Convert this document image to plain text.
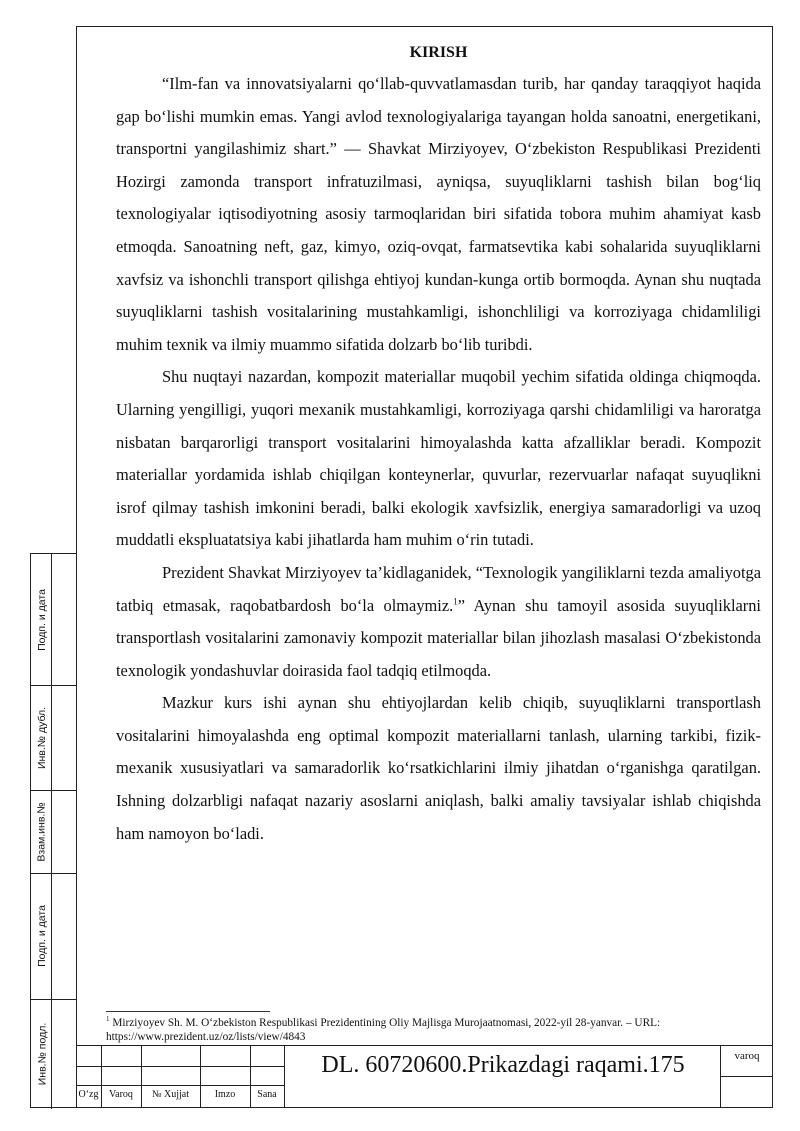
KIRISH

“Ilm-fan va innovatsiyalarni qo‘llab-quvvatlamasdan turib, har qanday taraqqiyot haqida gap bo‘lishi mumkin emas. Yangi avlod texnologiyalariga tayangan holda sanoatni, energetikani, transportni yangilashimiz shart.” — Shavkat Mirziyoyev, O‘zbekiston Respublikasi Prezidenti Hozirgi zamonda transport infratuzilmasi, ayniqsa, suyuqliklarni tashish bilan bog‘liq texnologiyalar iqtisodiyotning asosiy tarmoqlaridan biri sifatida tobora muhim ahamiyat kasb etmoqda. Sanoatning neft, gaz, kimyo, oziq-ovqat, farmatsevtika kabi sohalarida suyuqliklarni xavfsiz va ishonchli transport qilishga ehtiyoj kundan-kunga ortib bormoqda. Aynan shu nuqtada suyuqliklarni tashish vositalarining mustahkamligi, ishonchliligi va korroziyaga chidamliligi muhim texnik va ilmiy muammo sifatida dolzarb bo‘lib turibdi.

Shu nuqtayi nazardan, kompozit materiallar muqobil yechim sifatida oldinga chiqmoqda. Ularning yengilligi, yuqori mexanik mustahkamligi, korroziyaga qarshi chidamliligi va haroratga nisbatan barqarorligi transport vositalarini himoyalashda katta afzalliklar beradi. Kompozit materiallar yordamida ishlab chiqilgan konteynerlar, quvurlar, rezervuarlar nafaqat suyuqlikni isrof qilmay tashish imkonini beradi, balki ekologik xavfsizlik, energiya samaradorligi va uzoq muddatli ekspluatatsiya kabi jihatlarda ham muhim o‘rin tutadi.

Prezident Shavkat Mirziyoyev ta’kidlaganidek, “Texnologik yangiliklarni tezda amaliyotga tatbiq etmasak, raqobatbardosh bo‘la olmaymiz.$^1$” Aynan shu tamoyil asosida suyuqliklarni transportlash vositalarini zamonaviy kompozit materiallar bilan jihozlash masalasi O‘zbekistonda texnologik yondashuvlar doirasida faol tadqiq etilmoqda.

Mazkur kurs ishi aynan shu ehtiyojlardan kelib chiqib, suyuqliklarni transportlash vositalarini himoyalashda eng optimal kompozit materiallarni tanlash, ularning tarkibi, fizik-mexanik xususiyatlari va samaradorlik ko‘rsatkichlarini ilmiy jihatdan o‘rganishga qaratilgan. Ishning dolzarbligi nafaqat nazariy asoslarni aniqlash, balki amaliy tavsiyalar ishlab chiqishda ham namoyon bo‘ladi.

$^1$ Mirziyoyev Sh. M. O‘zbekiston Respublikasi Prezidentining Oliy Majlisga Murojaatnomasi, 2022-yil 28-yanvar. – URL: https://www.prezident.uz/oz/lists/view/4843
Подп. и дата
Инв.№ дубл.
Взам.инв.№
Подп. и дата
Инв.№ подл.
O‘zg	Varoq	№ Xujjat	Imzo	Sana
DL. 60720600.Prikazdagi raqami.175	varoq
